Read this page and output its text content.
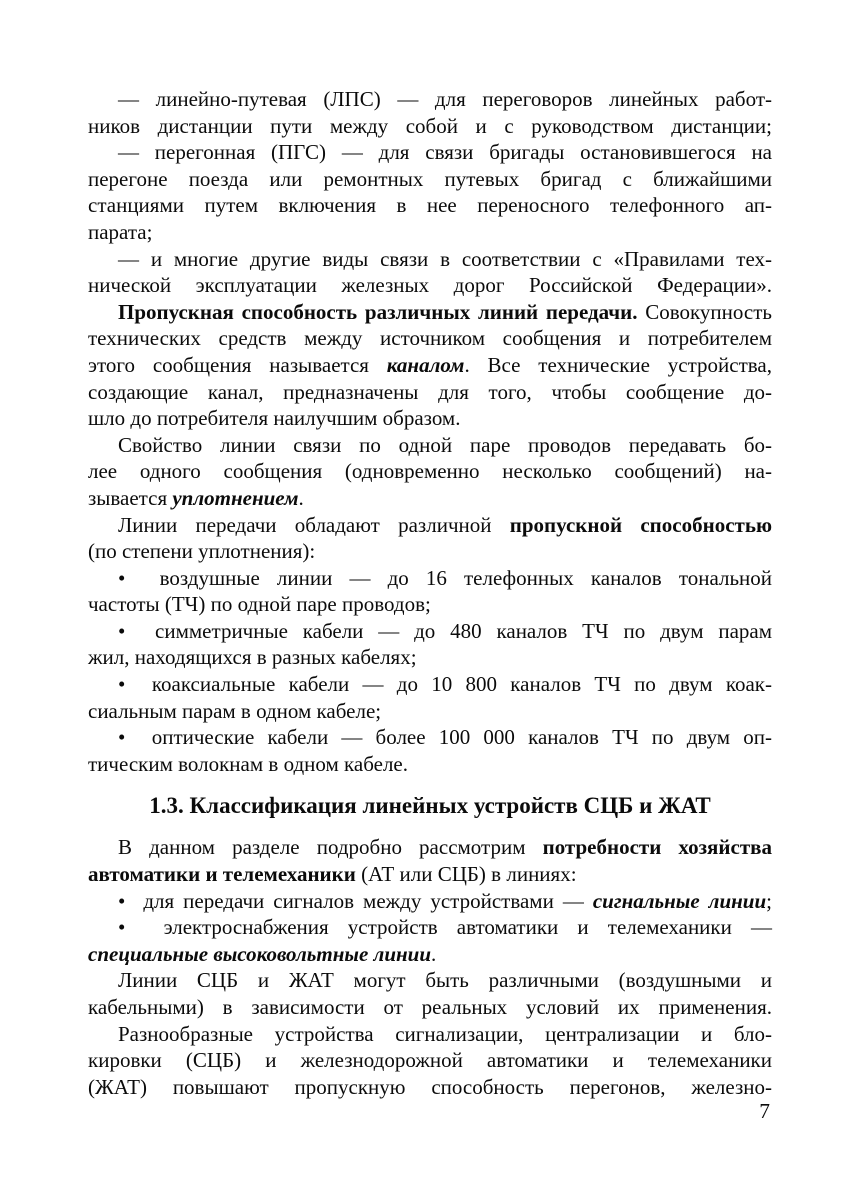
— линейно-путевая (ЛПС) — для переговоров линейных работ-
ников дистанции пути между собой и с руководством дистанции;
— перегонная (ПГС) — для связи бригады остановившегося на
перегоне поезда или ремонтных путевых бригад с ближайшими
станциями путем включения в нее переносного телефонного ап-
парата;
— и многие другие виды связи в соответствии с «Правилами тех-
нической эксплуатации железных дорог Российской Федерации».
Пропускная способность различных линий передачи. Совокупность
технических средств между источником сообщения и потребителем
этого сообщения называется каналом. Все технические устройства,
создающие канал, предназначены для того, чтобы сообщение до-
шло до потребителя наилучшим образом.
Свойство линии связи по одной паре проводов передавать бо-
лее одного сообщения (одновременно несколько сообщений) на-
зывается уплотнением.
Линии передачи обладают различной пропускной способностью
(по степени уплотнения):
•  воздушные линии — до 16 телефонных каналов тональной
частоты (ТЧ) по одной паре проводов;
•  симметричные кабели — до 480 каналов ТЧ по двум парам
жил, находящихся в разных кабелях;
•  коаксиальные кабели — до 10 800 каналов ТЧ по двум коак-
сиальным парам в одном кабеле;
•  оптические кабели — более 100 000 каналов ТЧ по двум оп-
тическим волокнам в одном кабеле.
1.3. Классификация линейных устройств СЦБ и ЖАТ
В данном разделе подробно рассмотрим потребности хозяйства
автоматики и телемеханики (АТ или СЦБ) в линиях:
•  для передачи сигналов между устройствами — сигнальные линии;
•  электроснабжения устройств автоматики и телемеханики —
специальные высоковольтные линии.
Линии СЦБ и ЖАТ могут быть различными (воздушными и
кабельными) в зависимости от реальных условий их применения.
Разнообразные устройства сигнализации, централизации и бло-
кировки (СЦБ) и железнодорожной автоматики и телемеханики
(ЖАТ) повышают пропускную способность перегонов, железно-
7
